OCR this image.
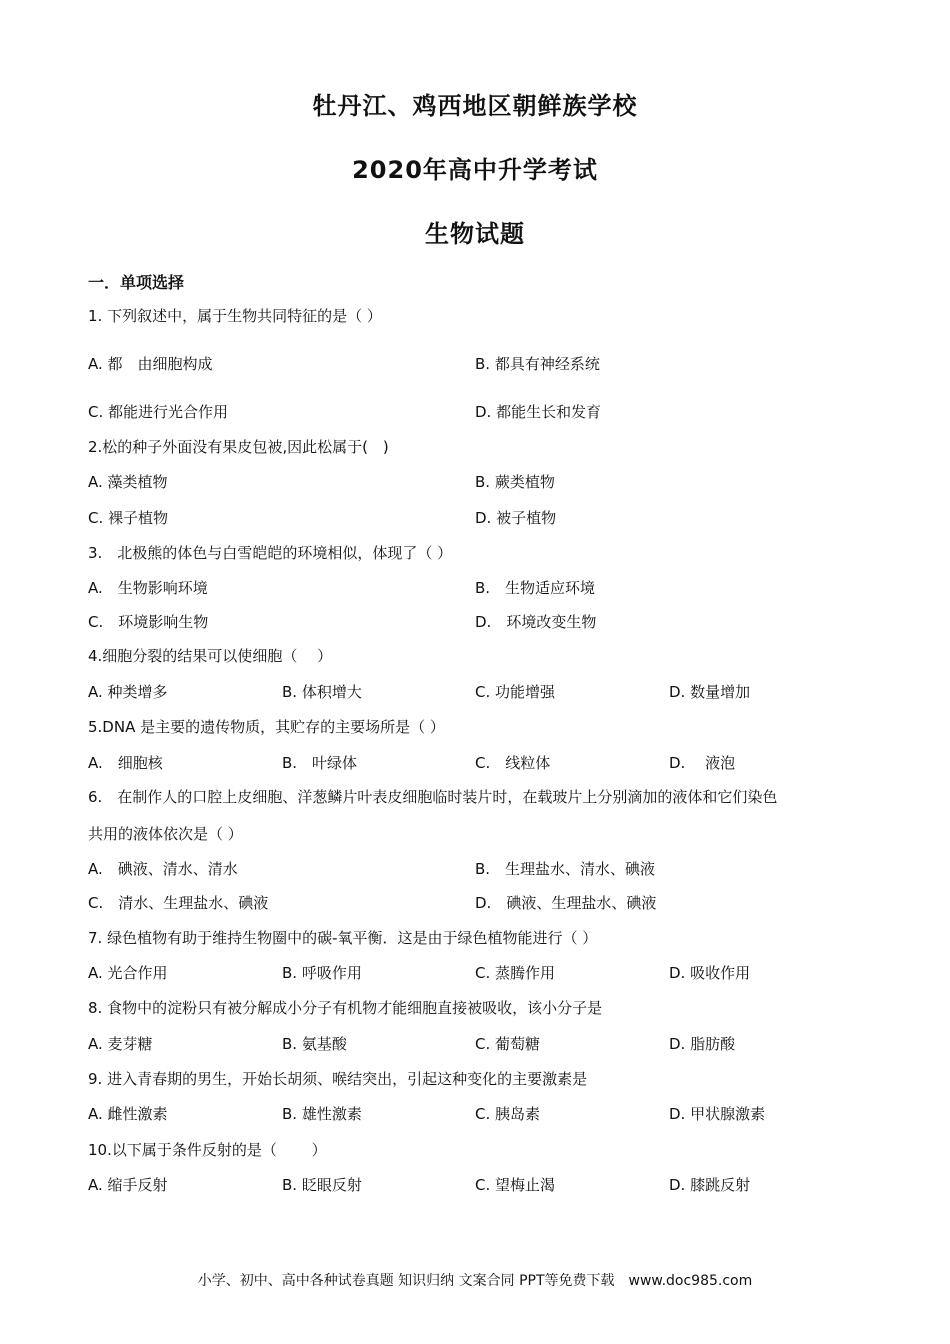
牡丹江、鸡西地区朝鲜族学校
2020年高中升学考试
生物试题
一．单项选择
1. 下列叙述中，属于生物共同特征的是（ ）
A. 都　由细胞构成	B. 都具有神经系统
C. 都能进行光合作用	D. 都能生长和发育
2.松的种子外面没有果皮包被,因此松属于(　)
A. 藻类植物	B. 蕨类植物
C. 裸子植物	D. 被子植物
3.　北极熊的体色与白雪皑皑的环境相似，体现了（ ）
A.　生物影响环境	B.　生物适应环境
C.　环境影响生物	D.　环境改变生物
4.细胞分裂的结果可以使细胞（　 ）
A. 种类增多	B. 体积增大	C. 功能增强	D. 数量增加
5.DNA 是主要的遗传物质，其贮存的主要场所是（ ）
A.　细胞核	B.　叶绿体	C.　线粒体	D.　 液泡
6.　在制作人的口腔上皮细胞、洋葱鳞片叶表皮细胞临时装片时，在载玻片上分别滴加的液体和它们染色
共用的液体依次是（ ）
A.　碘液、清水、清水	B.　生理盐水、清水、碘液
C.　清水、生理盐水、碘液	D.　碘液、生理盐水、碘液
7. 绿色植物有助于维持生物圈中的碳-氧平衡．这是由于绿色植物能进行（ ）
A. 光合作用	B. 呼吸作用	C. 蒸腾作用	D. 吸收作用
8. 食物中的淀粉只有被分解成小分子有机物才能细胞直接被吸收，该小分子是
A. 麦芽糖	B. 氨基酸	C. 葡萄糖	D. 脂肪酸
9. 进入青春期的男生，开始长胡须、喉结突出，引起这种变化的主要激素是
A. 雌性激素	B. 雄性激素	C. 胰岛素	D. 甲状腺激素
10.以下属于条件反射的是（　　 ）
A. 缩手反射	B. 眨眼反射	C. 望梅止渴	D. 膝跳反射
小学、初中、高中各种试卷真题 知识归纳 文案合同 PPT等免费下载　www.doc985.com
